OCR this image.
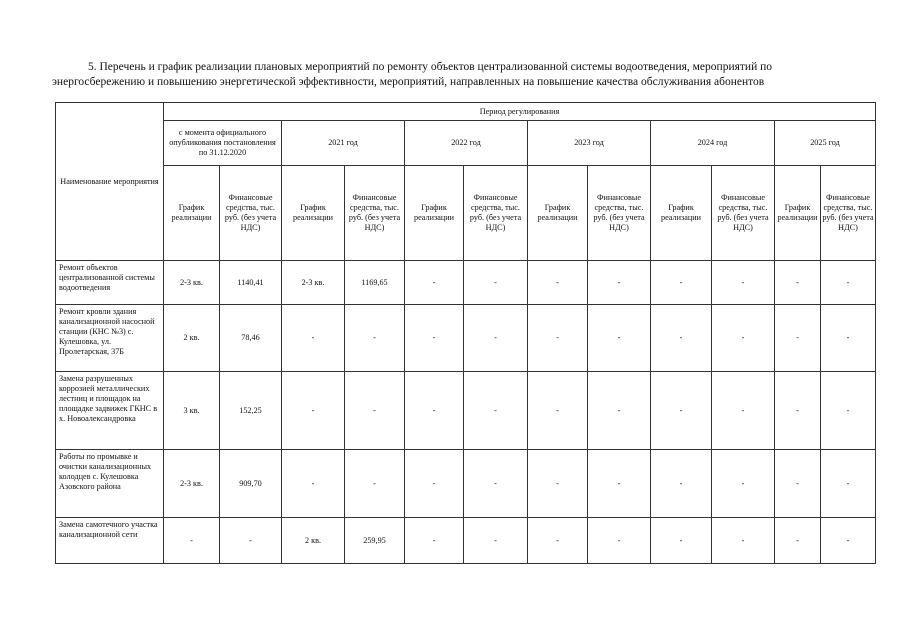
5. Перечень и график реализации плановых мероприятий по ремонту объектов централизованной системы водоотведения, мероприятий по
энергосбережению и повышению энергетической эффективности, мероприятий, направленных на повышение качества обслуживания абонентов
Наименование мероприятия	Период регулирования											
	с момента официального опубликования постановления по 31.12.2020		2021 год		2022 год		2023 год		2024 год		2025 год	
	График реализации	Финансовые средства, тыс. руб. (без учета НДС)	График реализации	Финансовые средства, тыс. руб. (без учета НДС)	График реализации	Финансовые средства, тыс. руб. (без учета НДС)	График реализации	Финансовые средства, тыс. руб. (без учета НДС)	График реализации	Финансовые средства, тыс. руб. (без учета НДС)	График реализации	Финансовые средства, тыс. руб. (без учета НДС)
Ремонт объектов централизованной системы водоотведения	2-3 кв.	1140,41	2-3 кв.	1169,65	-	-	-	-	-	-	-	-
Ремонт кровли здания канализационной насосной станции (КНС №3) с. Кулешовка, ул. Пролетарская, 37Б	2 кв.	78,46	-	-	-	-	-	-	-	-	-	-
Замена разрушенных коррозией металлических лестниц и площадок на площадке задвижек ГКНС в х. Новоалександровка	3 кв.	152,25	-	-	-	-	-	-	-	-	-	-
Работы по промывке и очистки канализационных колодцев с. Кулешовка Азовского района	2-3 кв.	909,70	-	-	-	-	-	-	-	-	-	-
Замена самотечного участка канализационной сети	-	-	2 кв.	259,95	-	-	-	-	-	-	-	-
